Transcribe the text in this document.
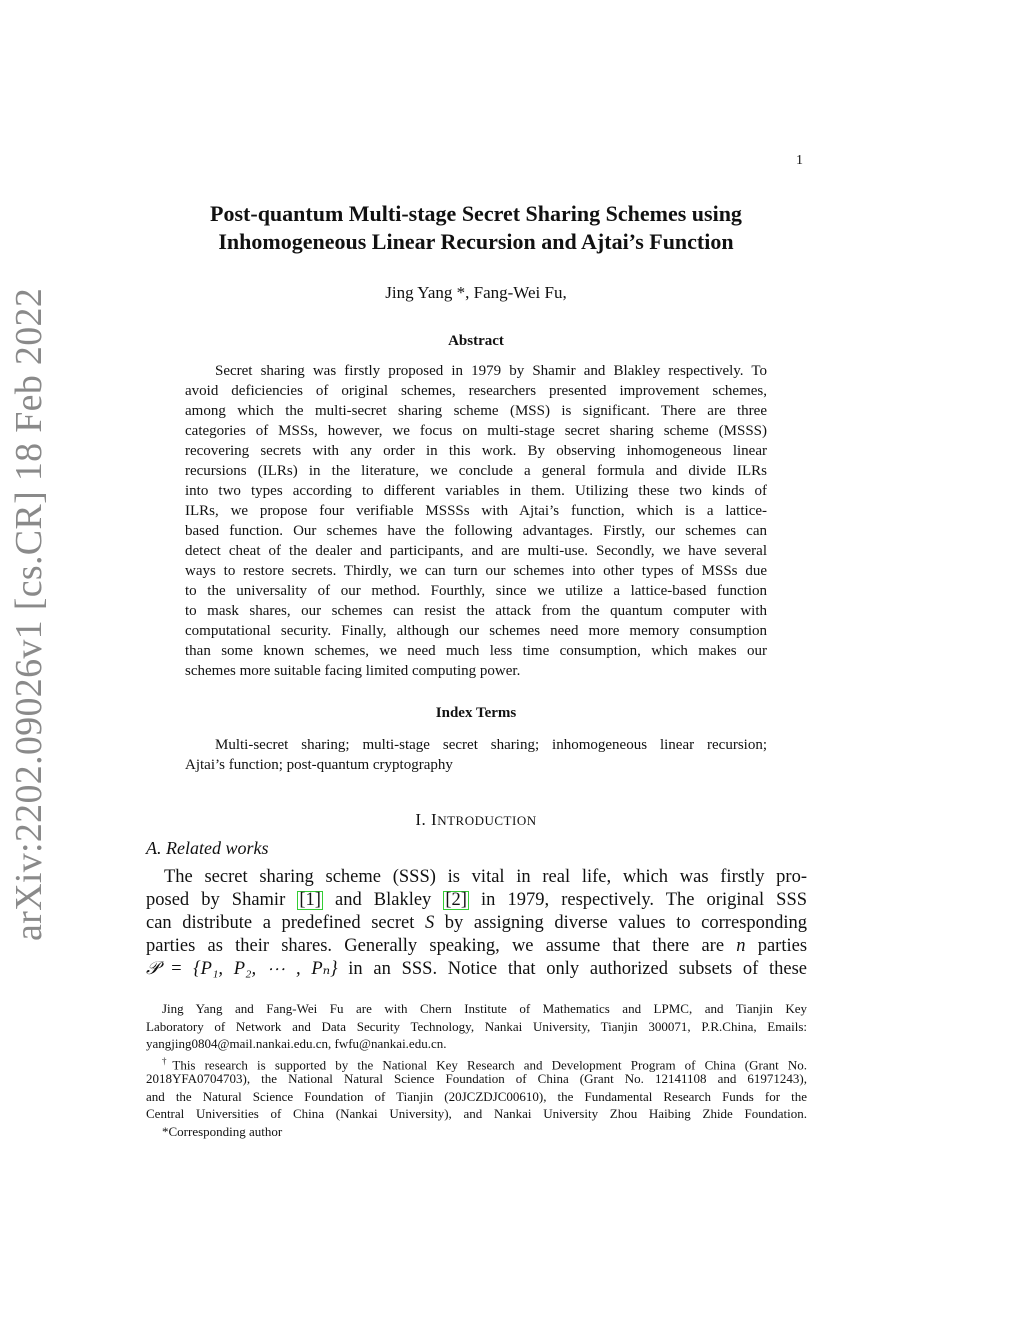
1
arXiv:2202.09026v1 [cs.CR] 18 Feb 2022
Post-quantum Multi-stage Secret Sharing Schemes using
Inhomogeneous Linear Recursion and Ajtai’s Function
Jing Yang *, Fang-Wei Fu,
Abstract
Secret sharing was firstly proposed in 1979 by Shamir and Blakley respectively. To
avoid deficiencies of original schemes, researchers presented improvement schemes,
among which the multi-secret sharing scheme (MSS) is significant. There are three
categories of MSSs, however, we focus on multi-stage secret sharing scheme (MSSS)
recovering secrets with any order in this work. By observing inhomogeneous linear
recursions (ILRs) in the literature, we conclude a general formula and divide ILRs
into two types according to different variables in them. Utilizing these two kinds of
ILRs, we propose four verifiable MSSSs with Ajtai’s function, which is a lattice-
based function. Our schemes have the following advantages. Firstly, our schemes can
detect cheat of the dealer and participants, and are multi-use. Secondly, we have several
ways to restore secrets. Thirdly, we can turn our schemes into other types of MSSs due
to the universality of our method. Fourthly, since we utilize a lattice-based function
to mask shares, our schemes can resist the attack from the quantum computer with
computational security. Finally, although our schemes need more memory consumption
than some known schemes, we need much less time consumption, which makes our
schemes more suitable facing limited computing power.
Index Terms
Multi-secret sharing; multi-stage secret sharing; inhomogeneous linear recursion;
Ajtai’s function; post-quantum cryptography
I. INTRODUCTION
A. Related works
The secret sharing scheme (SSS) is vital in real life, which was firstly pro-
posed by Shamir [1] and Blakley [2] in 1979, respectively. The original SSS
can distribute a predefined secret S by assigning diverse values to corresponding
parties as their shares. Generally speaking, we assume that there are n parties
𝒫 = {P₁, P₂, ⋯ , Pₙ} in an SSS. Notice that only authorized subsets of these
Jing Yang and Fang-Wei Fu are with Chern Institute of Mathematics and LPMC, and Tianjin Key
Laboratory of Network and Data Security Technology, Nankai University, Tianjin 300071, P.R.China, Emails:
yangjing0804@mail.nankai.edu.cn, fwfu@nankai.edu.cn.
†This research is supported by the National Key Research and Development Program of China (Grant No.
2018YFA0704703), the National Natural Science Foundation of China (Grant No. 12141108 and 61971243),
and the Natural Science Foundation of Tianjin (20JCZDJC00610), the Fundamental Research Funds for the
Central Universities of China (Nankai University), and Nankai University Zhou Haibing Zhide Foundation.
*Corresponding author
